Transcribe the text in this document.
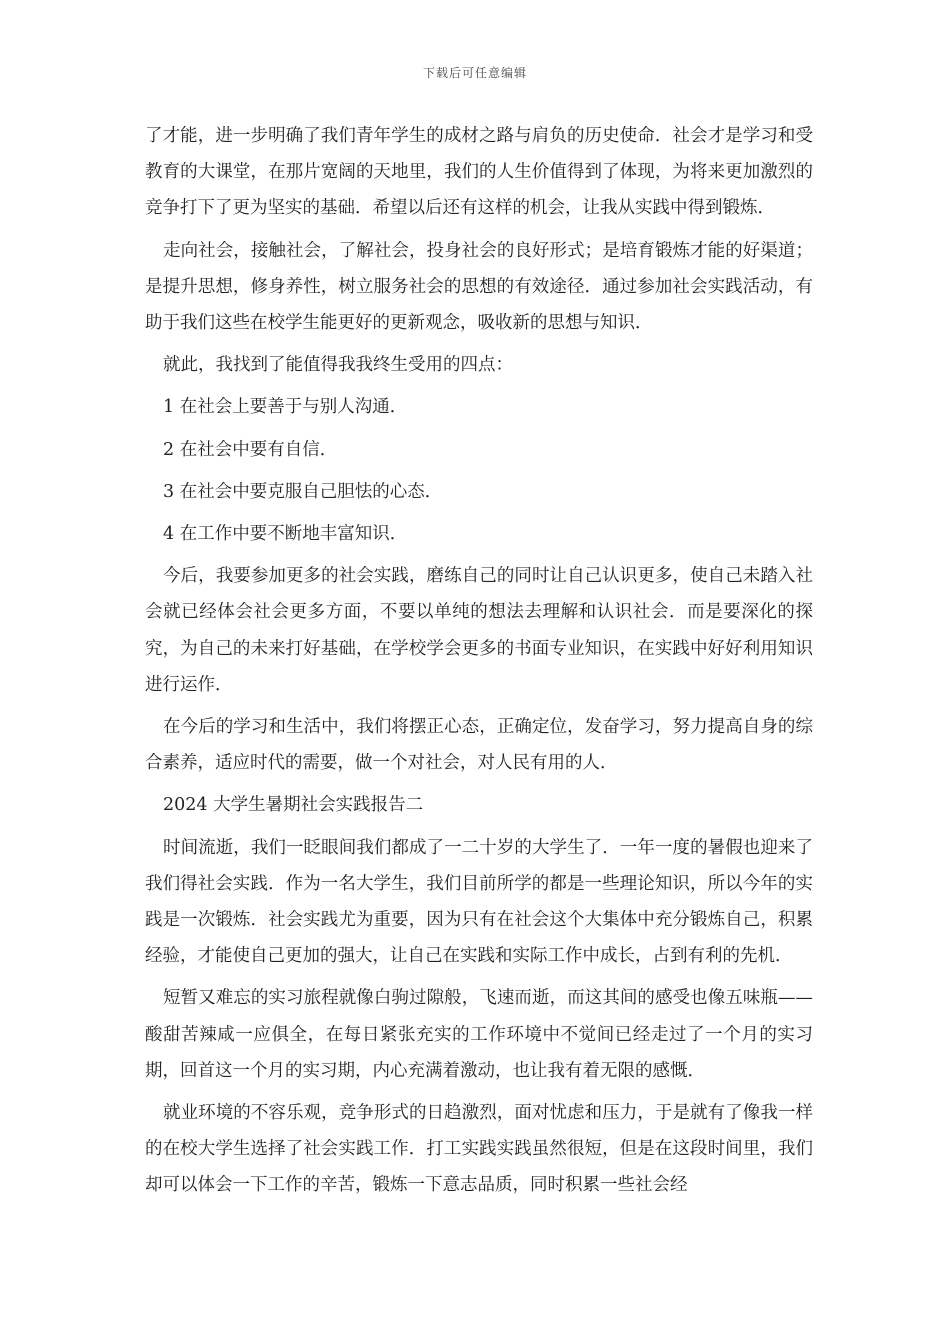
下载后可任意编辑

了才能，进一步明确了我们青年学生的成材之路与肩负的历史使命．社会才是学习和受教育的大课堂，在那片宽阔的天地里，我们的人生价值得到了体现，为将来更加激烈的竞争打下了更为坚实的基础．希望以后还有这样的机会，让我从实践中得到锻炼．

走向社会，接触社会，了解社会，投身社会的良好形式；是培育锻炼才能的好渠道；是提升思想，修身养性，树立服务社会的思想的有效途径．通过参加社会实践活动，有助于我们这些在校学生能更好的更新观念，吸收新的思想与知识．

就此，我找到了能值得我我终生受用的四点：

1 在社会上要善于与别人沟通．

2 在社会中要有自信．

3 在社会中要克服自己胆怯的心态．

4 在工作中要不断地丰富知识．

今后，我要参加更多的社会实践，磨练自己的同时让自己认识更多，使自己未踏入社会就已经体会社会更多方面，不要以单纯的想法去理解和认识社会．而是要深化的探究，为自己的未来打好基础，在学校学会更多的书面专业知识，在实践中好好利用知识进行运作．

在今后的学习和生活中，我们将摆正心态，正确定位，发奋学习，努力提高自身的综合素养，适应时代的需要，做一个对社会，对人民有用的人．

2024 大学生暑期社会实践报告二

时间流逝，我们一眨眼间我们都成了一二十岁的大学生了．一年一度的暑假也迎来了我们得社会实践．作为一名大学生，我们目前所学的都是一些理论知识，所以今年的实践是一次锻炼．社会实践尤为重要，因为只有在社会这个大集体中充分锻炼自己，积累经验，才能使自己更加的强大，让自己在实践和实际工作中成长，占到有利的先机．

短暂又难忘的实习旅程就像白驹过隙般，飞速而逝，而这其间的感受也像五味瓶——酸甜苦辣咸一应俱全，在每日紧张充实的工作环境中不觉间已经走过了一个月的实习期，回首这一个月的实习期，内心充满着激动，也让我有着无限的感慨．

就业环境的不容乐观，竞争形式的日趋激烈，面对忧虑和压力，于是就有了像我一样的在校大学生选择了社会实践工作．打工实践实践虽然很短，但是在这段时间里，我们却可以体会一下工作的辛苦，锻炼一下意志品质，同时积累一些社会经
